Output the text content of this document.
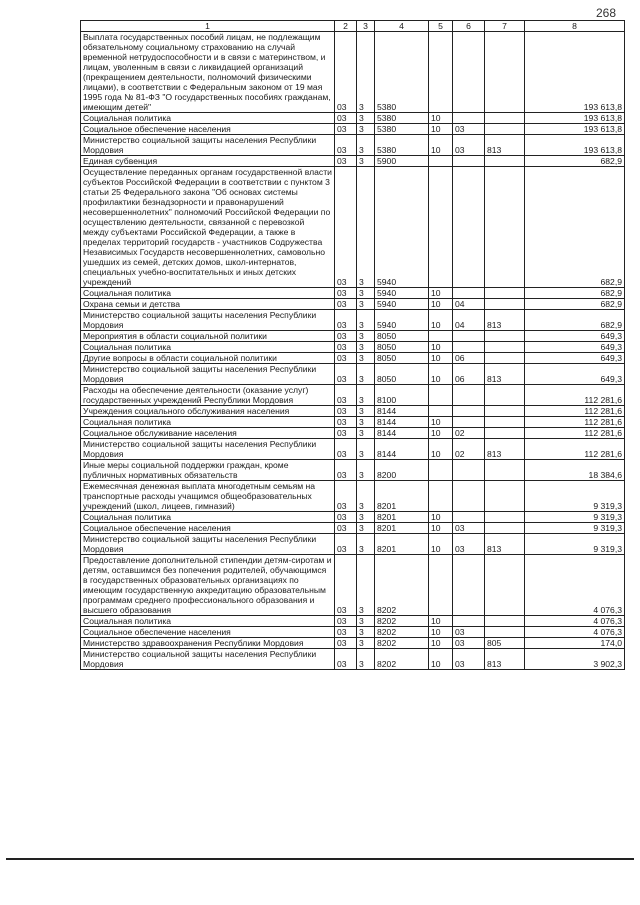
268
1	2	3	4	5	6	7	8
Выплата государственных пособий лицам, не подлежащим обязательному социальному страхованию на случай временной нетрудоспособности и в связи с материнством, и лицам, уволенным в связи с ликвидацией организаций (прекращением деятельности, полномочий физическими лицами), в соответствии с Федеральным законом от 19 мая 1995 года № 81-ФЗ "О государственных пособиях гражданам, имеющим детей"	03	3	5380				193 613,8
Социальная политика	03	3	5380	10			193 613,8
Социальное обеспечение населения	03	3	5380	10	03		193 613,8
Министерство социальной защиты населения Республики Мордовия	03	3	5380	10	03	813	193 613,8
Единая субвенция	03	3	5900				682,9
Осуществление переданных органам государственной власти субъектов Российской Федерации в соответствии с пунктом 3 статьи 25 Федерального закона "Об основах системы профилактики безнадзорности и правонарушений несовершеннолетних" полномочий Российской Федерации по осуществлению деятельности, связанной с перевозкой между субъектами Российской Федерации, а также в пределах территорий государств - участников Содружества Независимых Государств несовершеннолетних, самовольно ушедших из семей, детских домов, школ-интернатов, специальных учебно-воспитательных и иных детских учреждений	03	3	5940				682,9
Социальная политика	03	3	5940	10			682,9
Охрана семьи и детства	03	3	5940	10	04		682,9
Министерство социальной защиты населения Республики Мордовия	03	3	5940	10	04	813	682,9
Мероприятия в области социальной политики	03	3	8050				649,3
Социальная политика	03	3	8050	10			649,3
Другие вопросы в области социальной политики	03	3	8050	10	06		649,3
Министерство социальной защиты населения Республики Мордовия	03	3	8050	10	06	813	649,3
Расходы на обеспечение деятельности (оказание услуг) государственных учреждений Республики Мордовия	03	3	8100				112 281,6
Учреждения социального обслуживания населения	03	3	8144				112 281,6
Социальная политика	03	3	8144	10			112 281,6
Социальное обслуживание населения	03	3	8144	10	02		112 281,6
Министерство социальной защиты населения Республики Мордовия	03	3	8144	10	02	813	112 281,6
Иные меры социальной поддержки граждан, кроме публичных нормативных обязательств	03	3	8200				18 384,6
Ежемесячная денежная выплата многодетным семьям на транспортные расходы учащимся общеобразовательных учреждений (школ, лицеев, гимназий)	03	3	8201				9 319,3
Социальная политика	03	3	8201	10			9 319,3
Социальное обеспечение населения	03	3	8201	10	03		9 319,3
Министерство социальной защиты населения Республики Мордовия	03	3	8201	10	03	813	9 319,3
Предоставление дополнительной стипендии детям-сиротам и детям, оставшимся без попечения родителей, обучающимся в государственных образовательных организациях по имеющим государственную аккредитацию образовательным программам среднего профессионального образования и высшего образования	03	3	8202				4 076,3
Социальная политика	03	3	8202	10			4 076,3
Социальное обеспечение населения	03	3	8202	10	03		4 076,3
Министерство здравоохранения Республики Мордовия	03	3	8202	10	03	805	174,0
Министерство социальной защиты населения Республики Мордовия	03	3	8202	10	03	813	3 902,3
